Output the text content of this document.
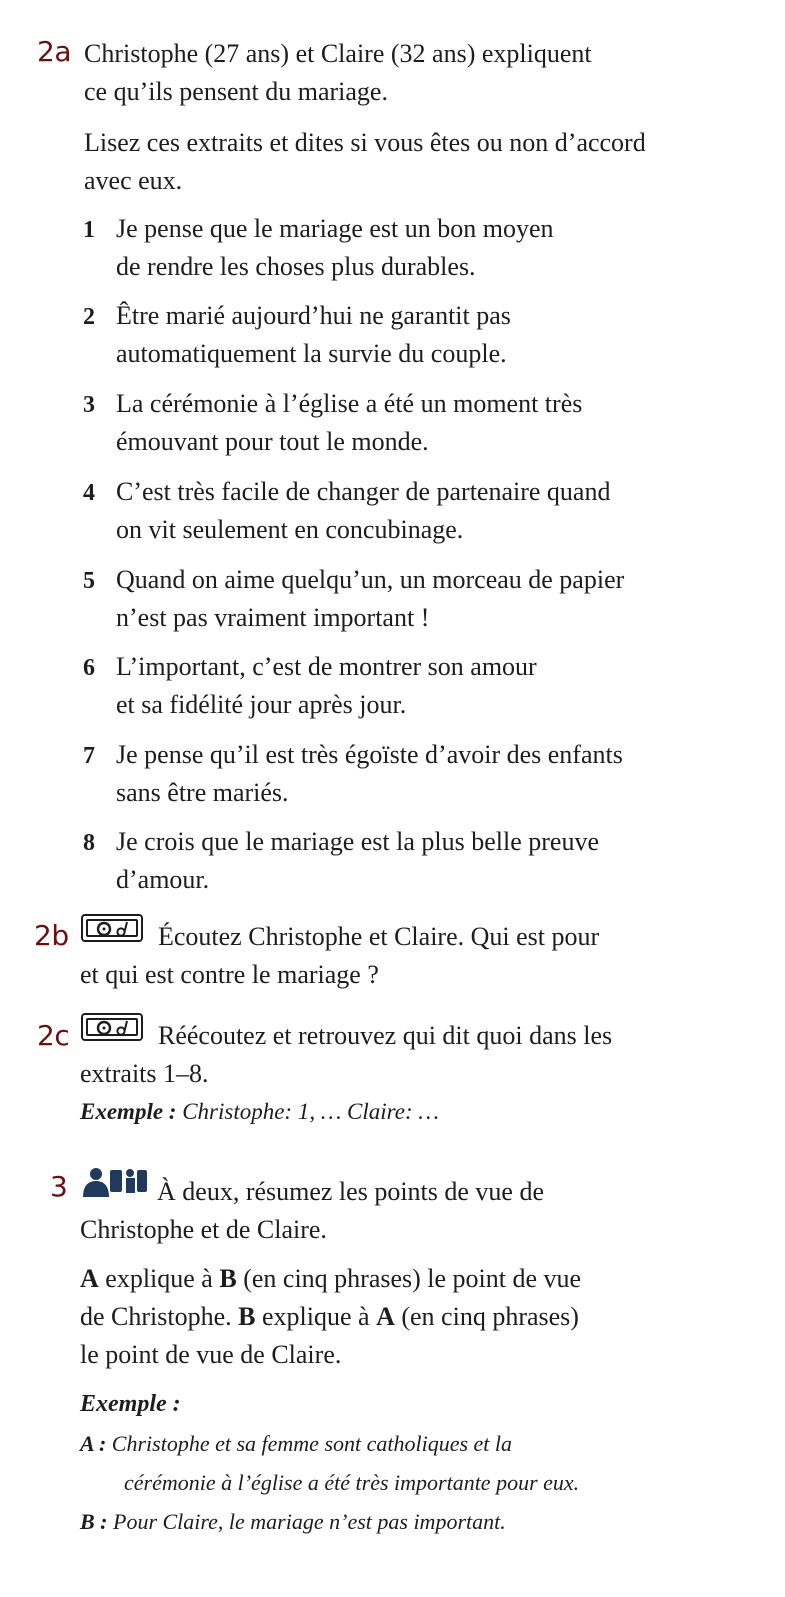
2a Christophe (27 ans) et Claire (32 ans) expliquent
ce qu’ils pensent du mariage.
Lisez ces extraits et dites si vous êtes ou non d’accord
avec eux.
1 Je pense que le mariage est un bon moyen
de rendre les choses plus durables.
2 Être marié aujourd’hui ne garantit pas
automatiquement la survie du couple.
3 La cérémonie à l’église a été un moment très
émouvant pour tout le monde.
4 C’est très facile de changer de partenaire quand
on vit seulement en concubinage.
5 Quand on aime quelqu’un, un morceau de papier
n’est pas vraiment important !
6 L’important, c’est de montrer son amour
et sa fidélité jour après jour.
7 Je pense qu’il est très égoïste d’avoir des enfants
sans être mariés.
8 Je crois que le mariage est la plus belle preuve
d’amour.
2b	Écoutez Christophe et Claire. Qui est pour
et qui est contre le mariage ?
2c	Réécoutez et retrouvez qui dit quoi dans les
extraits 1–8.
Exemple : Christophe: 1, … Claire: …
3	À deux, résumez les points de vue de
Christophe et de Claire.
A explique à B (en cinq phrases) le point de vue
de Christophe. B explique à A (en cinq phrases)
le point de vue de Claire.
Exemple :
A : Christophe et sa femme sont catholiques et la
cérémonie à l’église a été très importante pour eux.
B : Pour Claire, le mariage n’est pas important.
